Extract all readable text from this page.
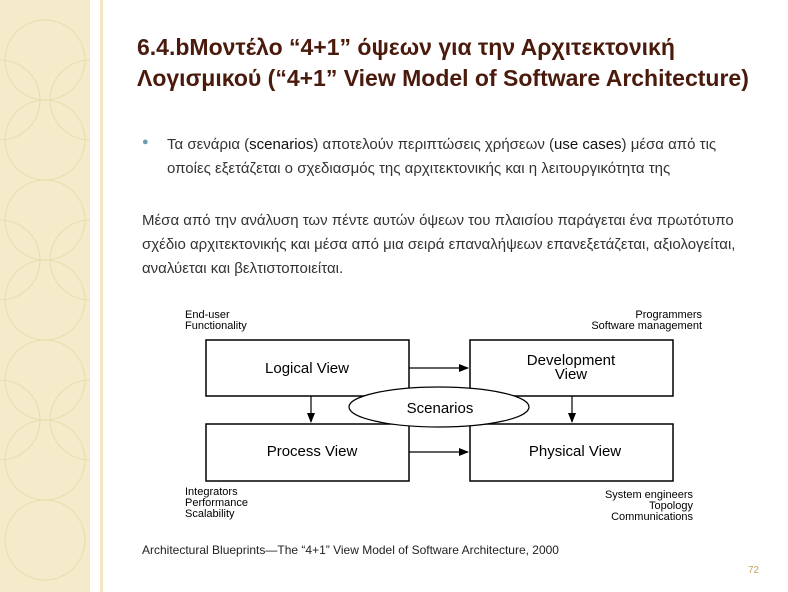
6.4.bΜοντέλο “4+1” όψεων για την Αρχιτεκτονική Λογισμικού (“4+1” View Model of Software Architecture)
● Τα σενάρια (scenarios) αποτελούν περιπτώσεις χρήσεων (use cases) μέσα από τις οποίες εξετάζεται ο σχεδιασμός της αρχιτεκτονικής και η λειτουργικότητα της

Μέσα από την ανάλυση των πέντε αυτών όψεων του πλαισίου παράγεται ένα πρωτότυπο σχέδιο αρχιτεκτονικής και μέσα από μια σειρά επαναλήψεων επανεξετάζεται, αξιολογείται, αναλύεται και βελτιστοποιείται.

End-user
Functionality
Programmers
Software management
Logical View	Development
View
Process View	Physical View
Scenarios
Integrators
Performance
Scalability
System engineers
Topology
Communications

Architectural Blueprints—The “4+1” View Model of Software Architecture, 2000

72
